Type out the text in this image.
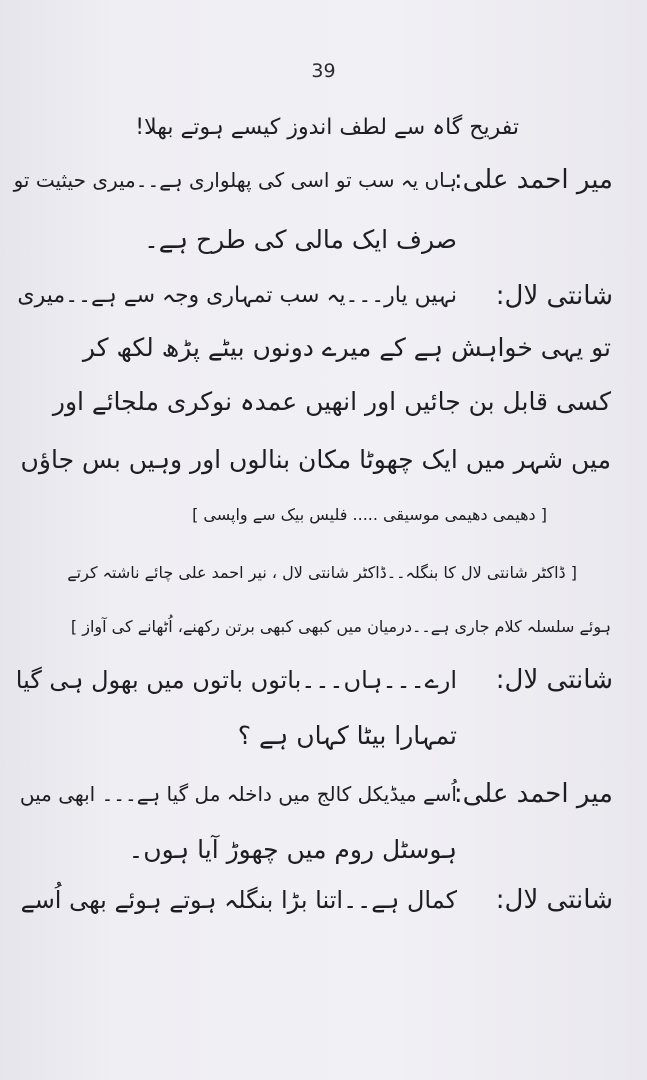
39
تفریح گاہ سے لطف اندوز کیسے ہوتے بھلا!
میر احمد علی:
ہاں یہ سب تو اسی کی پھلواری ہے۔۔میری حیثیت تو
صرف ایک مالی کی طرح ہے۔
شانتی لال:
نہیں یار۔۔۔یہ سب تمہاری وجہ سے ہے۔۔میری
تو یہی خواہش ہے کے میرے دونوں بیٹے پڑھ لکھ کر
کسی قابل بن جائیں اور انھیں عمدہ نوکری ملجائے اور
میں شہر میں ایک چھوٹا مکان بنالوں اور وہیں بس جاؤں
[ دھیمی دھیمی موسیقی ..... فلیس بیک سے واپسی ]
[ ڈاکٹر شانتی لال کا بنگلہ۔۔ڈاکٹر شانتی لال ، نیر احمد علی چائے ناشتہ کرتے
ہوئے سلسلہ کلام جاری ہے۔۔درمیان میں کبھی کبھی برتن رکھنے، اُٹھانے کی آواز ]
شانتی لال:
ارے۔۔۔ہاں۔۔۔باتوں باتوں میں بھول ہی گیا
تمہارا بیٹا کہاں ہے ؟
میر احمد علی:
اُسے میڈیکل کالج میں داخلہ مل گیا ہے۔۔۔ ابھی میں
ہوسٹل روم میں چھوڑ آیا ہوں۔
شانتی لال:
کمال ہے۔۔اتنا بڑا بنگلہ ہوتے ہوئے بھی اُسے
